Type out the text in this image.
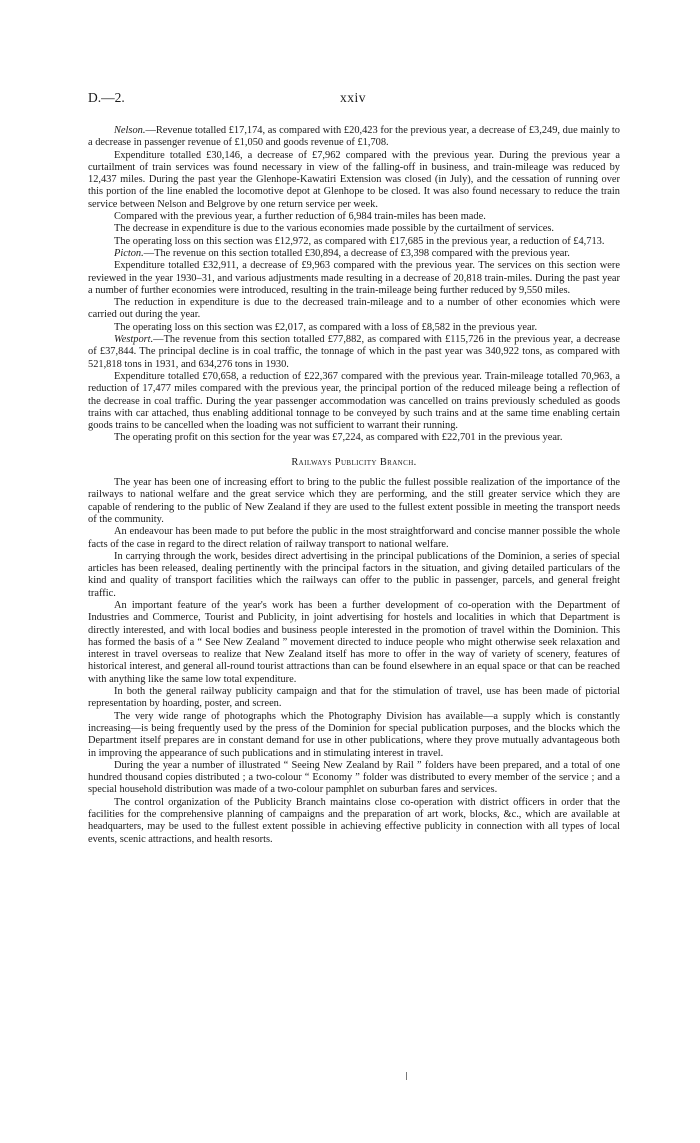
D.—2.	xxiv

Nelson.—Revenue totalled £17,174, as compared with £20,423 for the previous year, a decrease of £3,249, due mainly to a decrease in passenger revenue of £1,050 and goods revenue of £1,708.

Expenditure totalled £30,146, a decrease of £7,962 compared with the previous year. During the previous year a curtailment of train services was found necessary in view of the falling-off in business, and train-mileage was reduced by 12,437 miles. During the past year the Glenhope-Kawatiri Extension was closed (in July), and the cessation of running over this portion of the line enabled the locomotive depot at Glenhope to be closed. It was also found necessary to reduce the train service between Nelson and Belgrove by one return service per week.

Compared with the previous year, a further reduction of 6,984 train-miles has been made.

The decrease in expenditure is due to the various economies made possible by the curtailment of services.

The operating loss on this section was £12,972, as compared with £17,685 in the previous year, a reduction of £4,713.

Picton.—The revenue on this section totalled £30,894, a decrease of £3,398 compared with the previous year.

Expenditure totalled £32,911, a decrease of £9,963 compared with the previous year. The services on this section were reviewed in the year 1930–31, and various adjustments made resulting in a decrease of 20,818 train-miles. During the past year a number of further economies were introduced, resulting in the train-mileage being further reduced by 9,550 miles.

The reduction in expenditure is due to the decreased train-mileage and to a number of other economies which were carried out during the year.

The operating loss on this section was £2,017, as compared with a loss of £8,582 in the previous year.

Westport.—The revenue from this section totalled £77,882, as compared with £115,726 in the previous year, a decrease of £37,844. The principal decline is in coal traffic, the tonnage of which in the past year was 340,922 tons, as compared with 521,818 tons in 1931, and 634,276 tons in 1930.

Expenditure totalled £70,658, a reduction of £22,367 compared with the previous year. Train-mileage totalled 70,963, a reduction of 17,477 miles compared with the previous year, the principal portion of the reduced mileage being a reflection of the decrease in coal traffic. During the year passenger accommodation was cancelled on trains previously scheduled as goods trains with car attached, thus enabling additional tonnage to be conveyed by such trains and at the same time enabling certain goods trains to be cancelled when the loading was not sufficient to warrant their running.

The operating profit on this section for the year was £7,224, as compared with £22,701 in the previous year.

Railways Publicity Branch.

The year has been one of increasing effort to bring to the public the fullest possible realization of the importance of the railways to national welfare and the great service which they are performing, and the still greater service which they are capable of rendering to the public of New Zealand if they are used to the fullest extent possible in meeting the transport needs of the community.

An endeavour has been made to put before the public in the most straightforward and concise manner possible the whole facts of the case in regard to the direct relation of railway transport to national welfare.

In carrying through the work, besides direct advertising in the principal publications of the Dominion, a series of special articles has been released, dealing pertinently with the principal factors in the situation, and giving detailed particulars of the kind and quality of transport facilities which the railways can offer to the public in passenger, parcels, and general freight traffic.

An important feature of the year's work has been a further development of co-operation with the Department of Industries and Commerce, Tourist and Publicity, in joint advertising for hostels and localities in which that Department is directly interested, and with local bodies and business people interested in the promotion of travel within the Dominion. This has formed the basis of a “ See New Zealand ” movement directed to induce people who might otherwise seek relaxation and interest in travel overseas to realize that New Zealand itself has more to offer in the way of variety of scenery, features of historical interest, and general all-round tourist attractions than can be found elsewhere in an equal space or that can be reached with anything like the same low total expenditure.

In both the general railway publicity campaign and that for the stimulation of travel, use has been made of pictorial representation by hoarding, poster, and screen.

The very wide range of photographs which the Photography Division has available—a supply which is constantly increasing—is being frequently used by the press of the Dominion for special publication purposes, and the blocks which the Department itself prepares are in constant demand for use in other publications, where they prove mutually advantageous both in improving the appearance of such publications and in stimulating interest in travel.

During the year a number of illustrated “ Seeing New Zealand by Rail ” folders have been prepared, and a total of one hundred thousand copies distributed ; a two-colour “ Economy ” folder was distributed to every member of the service ; and a special household distribution was made of a two-colour pamphlet on suburban fares and services.

The control organization of the Publicity Branch maintains close co-operation with district officers in order that the facilities for the comprehensive planning of campaigns and the preparation of art work, blocks, &c., which are available at headquarters, may be used to the fullest extent possible in achieving effective publicity in connection with all types of local events, scenic attractions, and health resorts.
